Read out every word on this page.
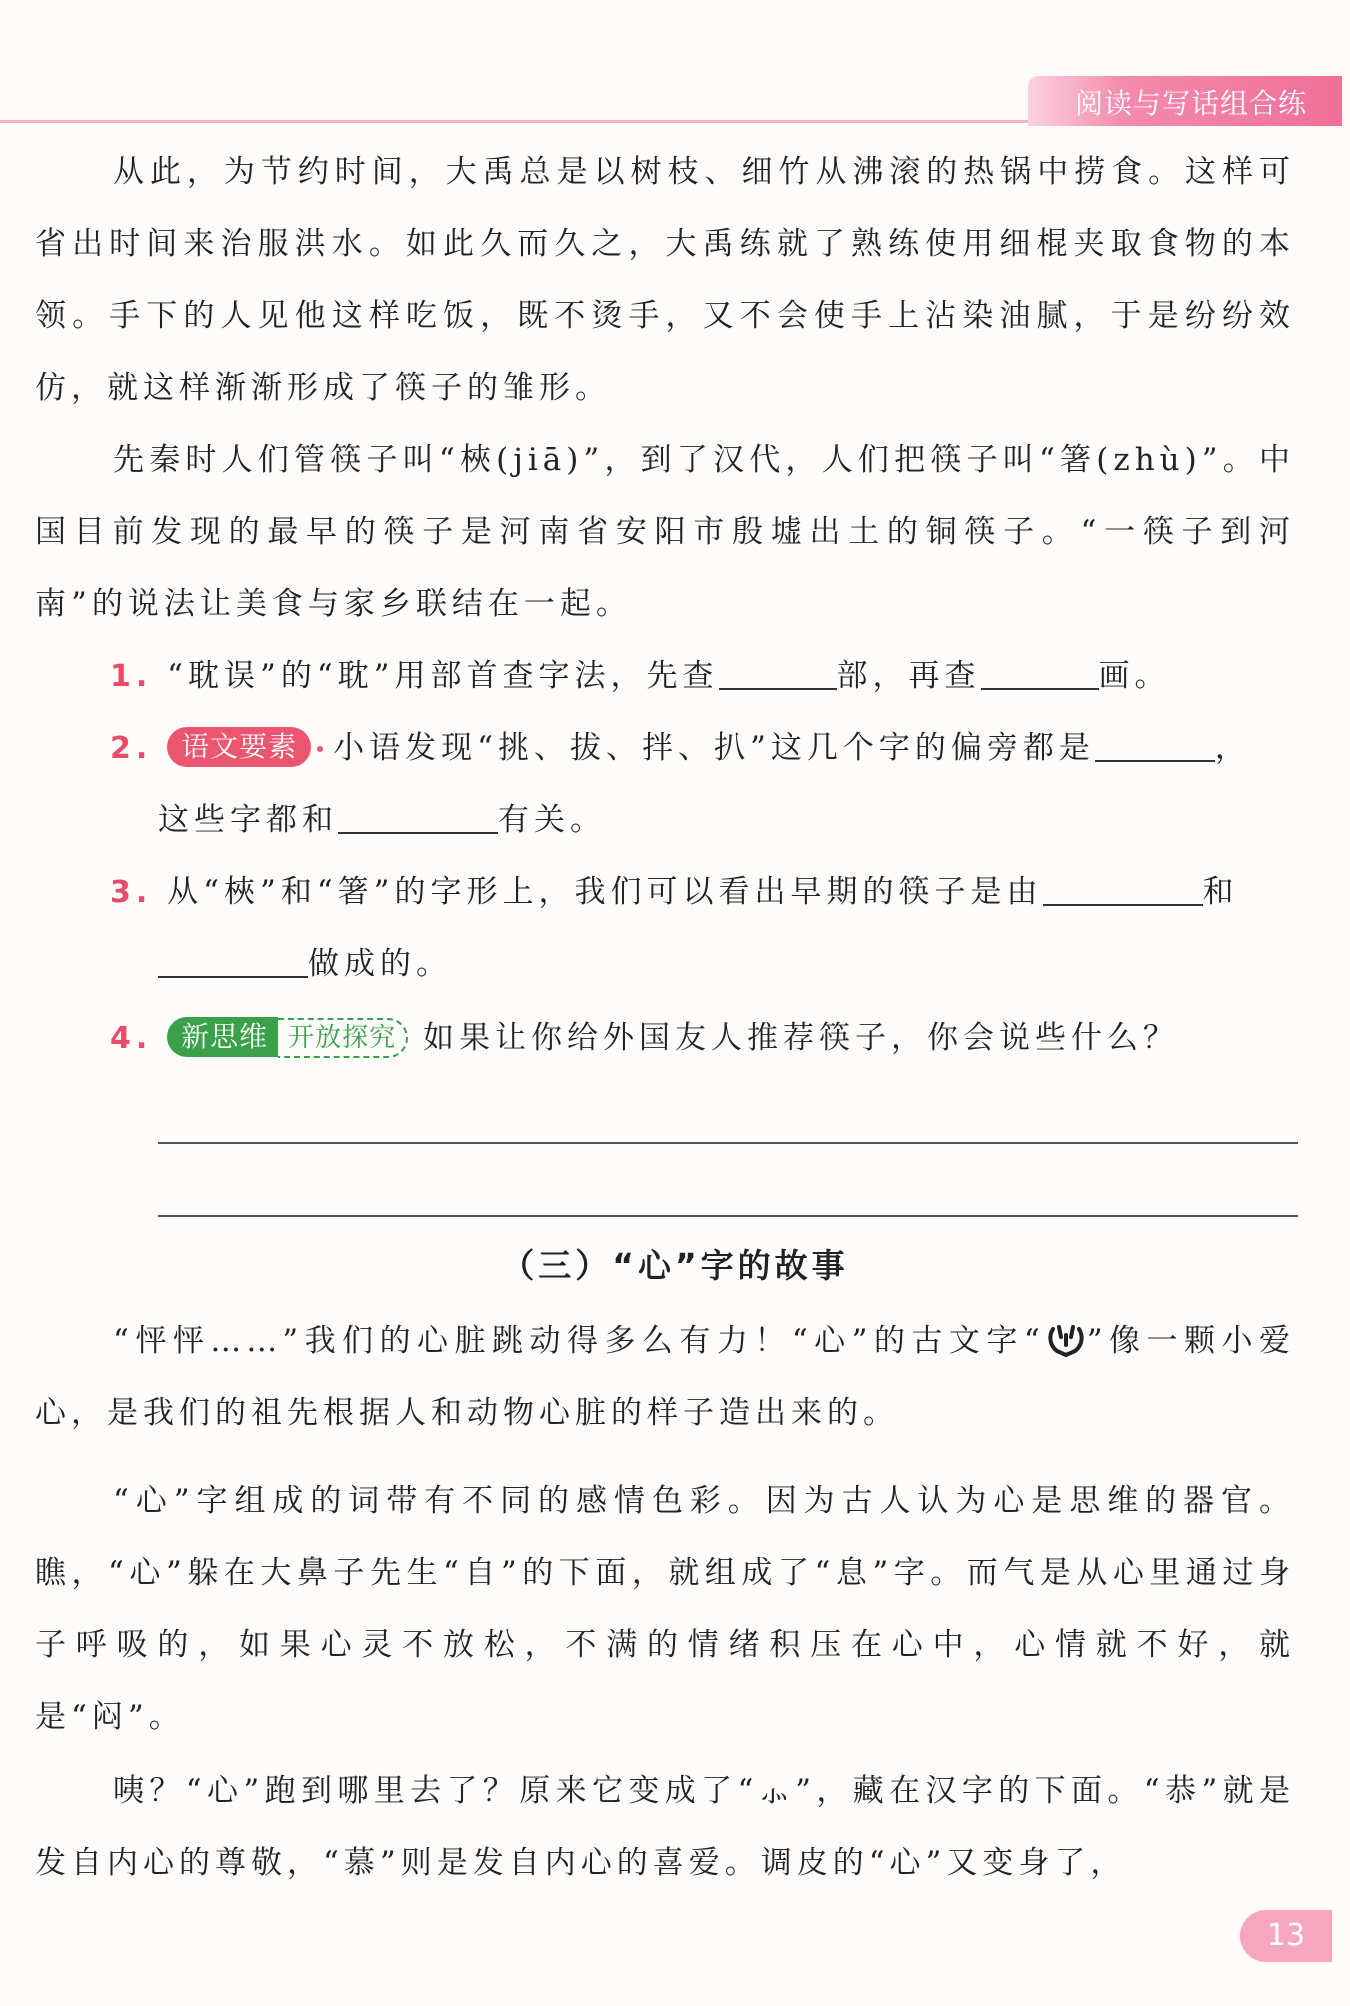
阅读与写话组合练

从此，为节约时间，大禹总是以树枝、细竹从沸滚的热锅中捞食。这样可省出时间来治服洪水。如此久而久之，大禹练就了熟练使用细棍夹取食物的本领。手下的人见他这样吃饭，既不烫手，又不会使手上沾染油腻，于是纷纷效仿，就这样渐渐形成了筷子的雏形。

先秦时人们管筷子叫“梜(jiā)”，到了汉代，人们把筷子叫“箸(zhù)”。中国目前发现的最早的筷子是河南省安阳市殷墟出土的铜筷子。“一筷子到河南”的说法让美食与家乡联结在一起。

1. “耽误”的“耽”用部首查字法，先查	部，再查	画。
2. 语文要素 小语发现“挑、拔、拌、扒”这几个字的偏旁都是	，
这些字都和	有关。
3. 从“梜”和“箸”的字形上，我们可以看出早期的筷子是由	和
做成的。
4. 新思维 开放探究 如果让你给外国友人推荐筷子，你会说些什么？
（三）“心”字的故事

“怦怦……”我们的心脏跳动得多么有力！“心”的古文字“ ”像一颗小爱心，是我们的祖先根据人和动物心脏的样子造出来的。

“心”字组成的词带有不同的感情色彩。因为古人认为心是思维的器官。瞧，“心”躲在大鼻子先生“自”的下面，就组成了“息”字。而气是从心里通过身子呼吸的，如果心灵不放松，不满的情绪积压在心中，心情就不好，就是“闷”。

咦？“心”跑到哪里去了？原来它变成了“⺗”，藏在汉字的下面。“恭”就是发自内心的尊敬，“慕”则是发自内心的喜爱。调皮的“心”又变身了，

13
